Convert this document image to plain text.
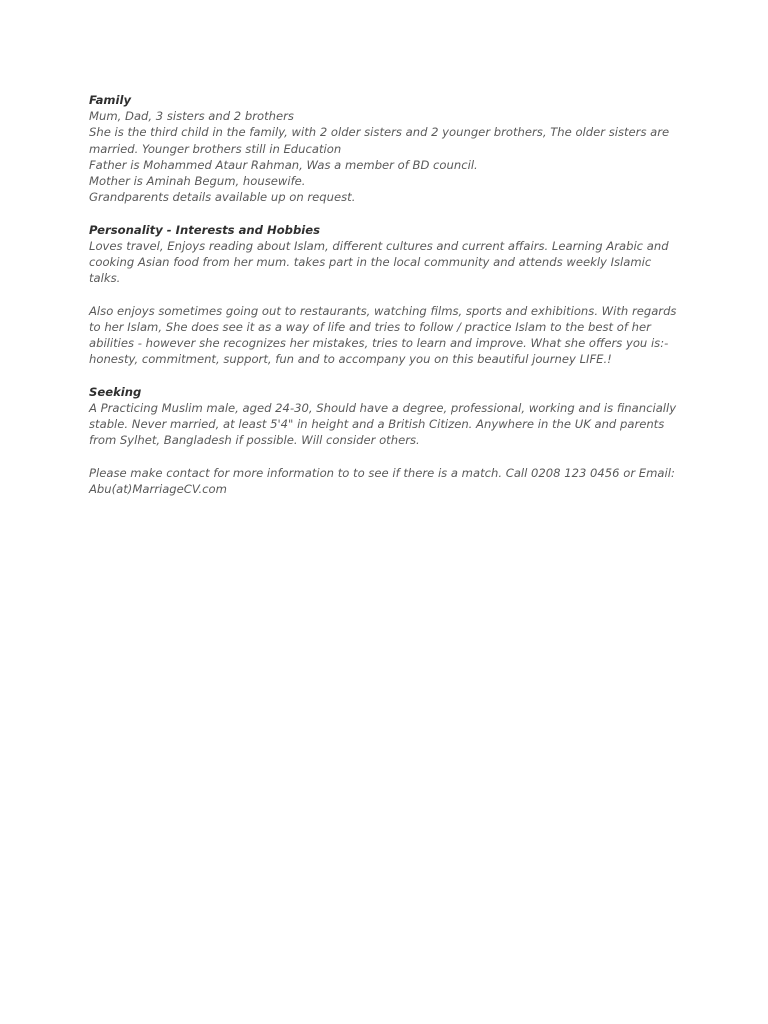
Family

Mum, Dad, 3 sisters and 2 brothers

She is the third child in the family, with 2 older sisters and 2 younger brothers, The older sisters are married. Younger brothers still in Education

Father is Mohammed Ataur Rahman, Was a member of BD council.

Mother is Aminah Begum, housewife.

Grandparents details available up on request.

Personality - Interests and Hobbies

Loves travel, Enjoys reading about Islam, different cultures and current affairs. Learning Arabic and cooking Asian food from her mum. takes part in the local community and attends weekly Islamic talks.

Also enjoys sometimes going out to restaurants, watching films, sports and exhibitions. With regards to her Islam, She does see it as a way of life and tries to follow / practice Islam to the best of her abilities - however she recognizes her mistakes, tries to learn and improve. What she offers you is:- honesty, commitment, support, fun and to accompany you on this beautiful journey LIFE.!

Seeking

A Practicing Muslim male, aged 24-30, Should have a degree, professional, working and is financially stable. Never married, at least 5'4" in height and a British Citizen. Anywhere in the UK and parents from Sylhet, Bangladesh if possible. Will consider others.

Please make contact for more information to to see if there is a match. Call 0208 123 0456 or Email: Abu(at)MarriageCV.com
